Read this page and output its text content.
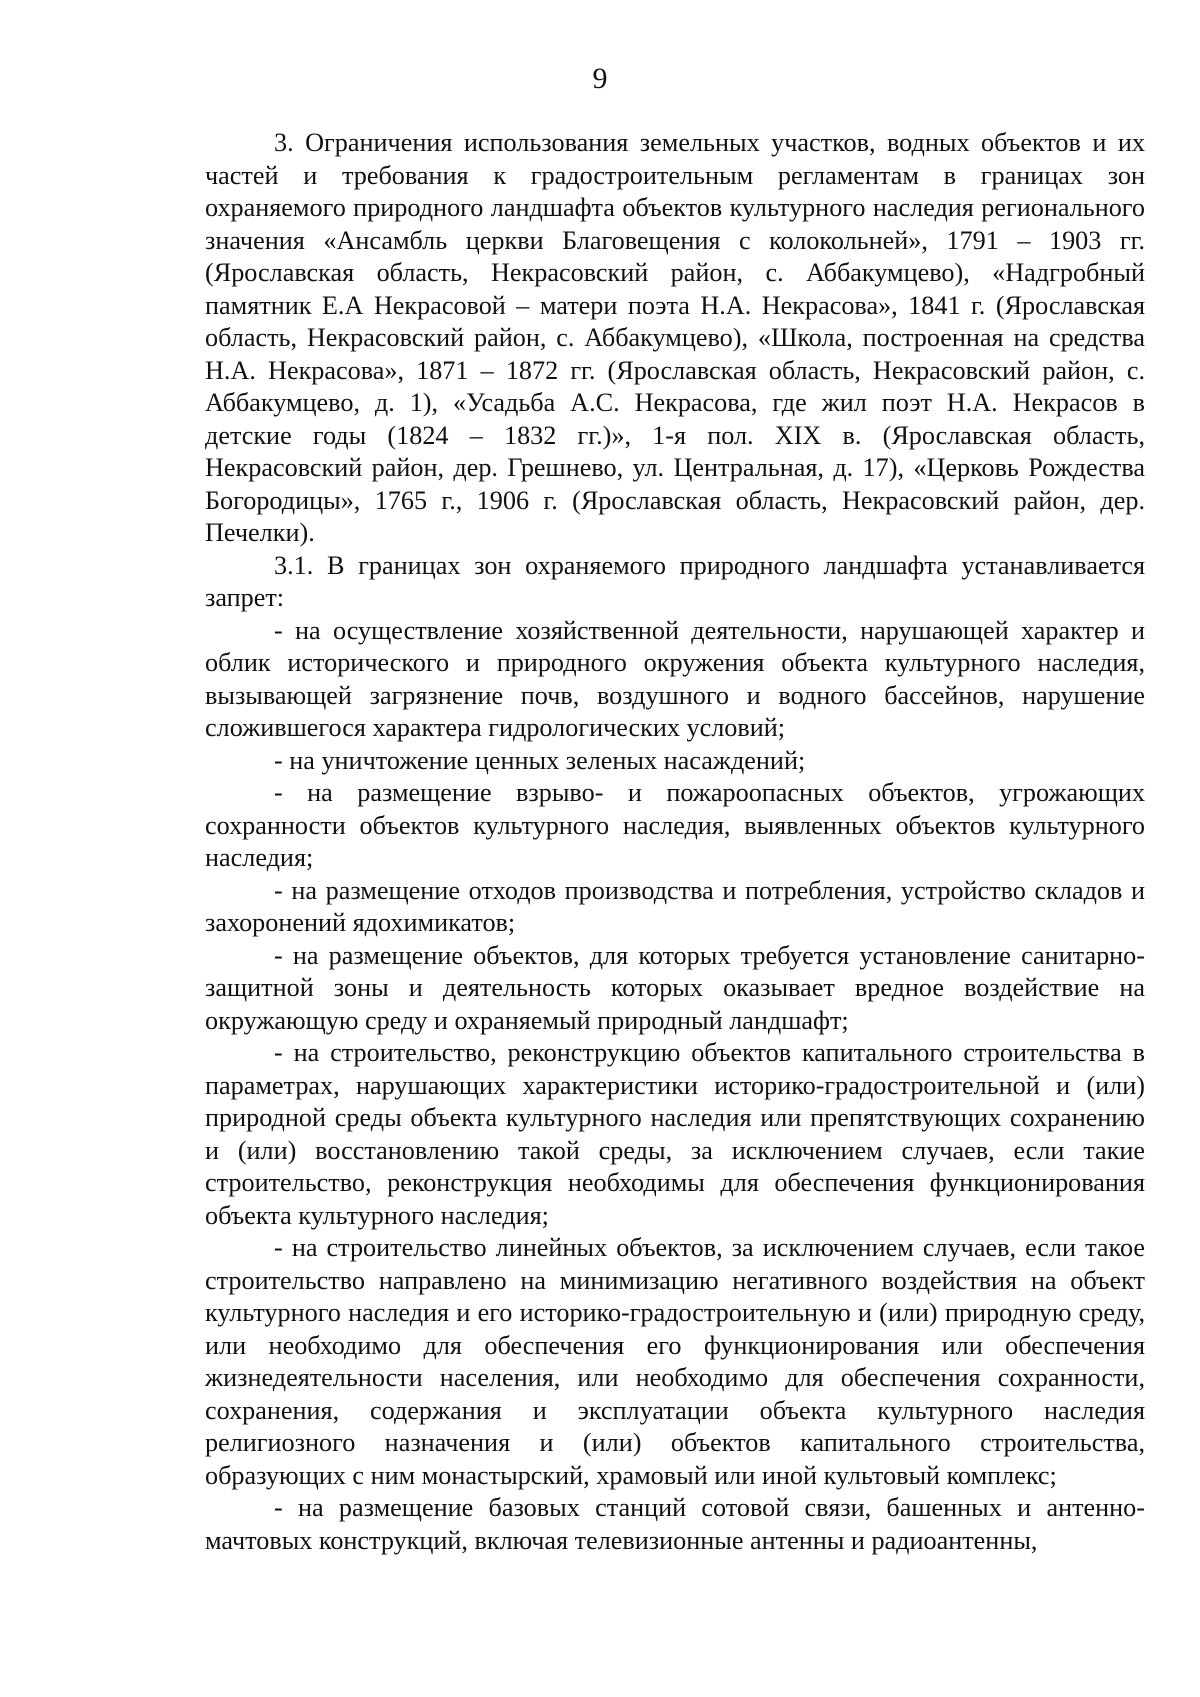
9

3. Ограничения использования земельных участков, водных объектов и их частей и требования к градостроительным регламентам в границах зон охраняемого природного ландшафта объектов культурного наследия регионального значения «Ансамбль церкви Благовещения с колокольней», 1791 – 1903 гг. (Ярославская область, Некрасовский район, с. Аббакумцево), «Надгробный памятник Е.А Некрасовой – матери поэта Н.А. Некрасова», 1841 г. (Ярославская область, Некрасовский район, с. Аббакумцево), «Школа, построенная на средства Н.А. Некрасова», 1871 – 1872 гг. (Ярославская область, Некрасовский район, с. Аббакумцево, д. 1), «Усадьба А.С. Некрасова, где жил поэт Н.А. Некрасов в детские годы (1824 – 1832 гг.)», 1-я пол. XIX в. (Ярославская область, Некрасовский район, дер. Грешнево, ул. Центральная, д. 17), «Церковь Рождества Богородицы», 1765 г., 1906 г. (Ярославская область, Некрасовский район, дер. Печелки).

3.1. В границах зон охраняемого природного ландшафта устанавливается запрет:

- на осуществление хозяйственной деятельности, нарушающей характер и облик исторического и природного окружения объекта культурного наследия, вызывающей загрязнение почв, воздушного и водного бассейнов, нарушение сложившегося характера гидрологических условий;

- на уничтожение ценных зеленых насаждений;

- на размещение взрыво- и пожароопасных объектов, угрожающих сохранности объектов культурного наследия, выявленных объектов культурного наследия;

- на размещение отходов производства и потребления, устройство складов и захоронений ядохимикатов;

- на размещение объектов, для которых требуется установление санитарно-защитной зоны и деятельность которых оказывает вредное воздействие на окружающую среду и охраняемый природный ландшафт;

- на строительство, реконструкцию объектов капитального строительства в параметрах, нарушающих характеристики историко-градостроительной и (или) природной среды объекта культурного наследия или препятствующих сохранению и (или) восстановлению такой среды, за исключением случаев, если такие строительство, реконструкция необходимы для обеспечения функционирования объекта культурного наследия;

- на строительство линейных объектов, за исключением случаев, если такое строительство направлено на минимизацию негативного воздействия на объект культурного наследия и его историко-градостроительную и (или) природную среду, или необходимо для обеспечения его функционирования или обеспечения жизнедеятельности населения, или необходимо для обеспечения сохранности, сохранения, содержания и эксплуатации объекта культурного наследия религиозного назначения и (или) объектов капитального строительства, образующих с ним монастырский, храмовый или иной культовый комплекс;

- на размещение базовых станций сотовой связи, башенных и антенно-мачтовых конструкций, включая телевизионные антенны и радиоантенны,
